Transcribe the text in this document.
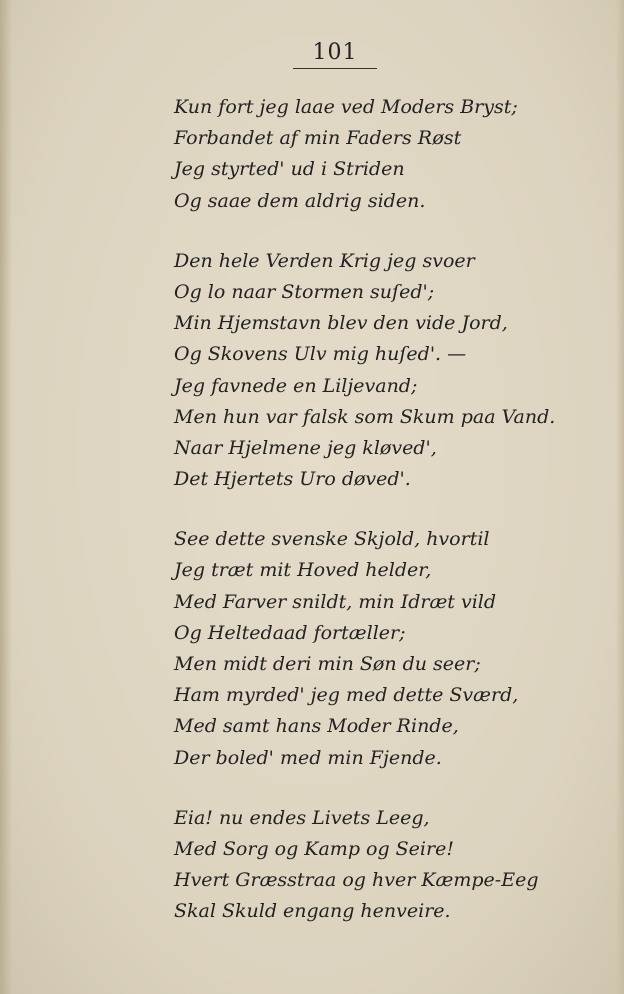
101
Kun fort jeg laae ved Moders Bryst;
Forbandet af min Faders Røst
Jeg styrted' ud i Striden
Og saae dem aldrig siden.
Den hele Verden Krig jeg svoer
Og lo naar Stormen suſed';
Min Hjemstavn blev den vide Jord,
Og Skovens Ulv mig huſed'. —
Jeg favnede en Liljevand;
Men hun var falsk som Skum paa Vand.
Naar Hjelmene jeg kløved',
Det Hjertets Uro døved'.
See dette svenske Skjold, hvortil
Jeg træt mit Hoved helder,
Med Farver snildt, min Idræt vild
Og Heltedaad fortæller;
Men midt deri min Søn du seer;
Ham myrded' jeg med dette Sværd,
Med samt hans Moder Rinde,
Der boled' med min Fjende.
Eia! nu endes Livets Leeg,
Med Sorg og Kamp og Seire!
Hvert Græsstraa og hver Kæmpe-Eeg
Skal Skuld engang henveire.
